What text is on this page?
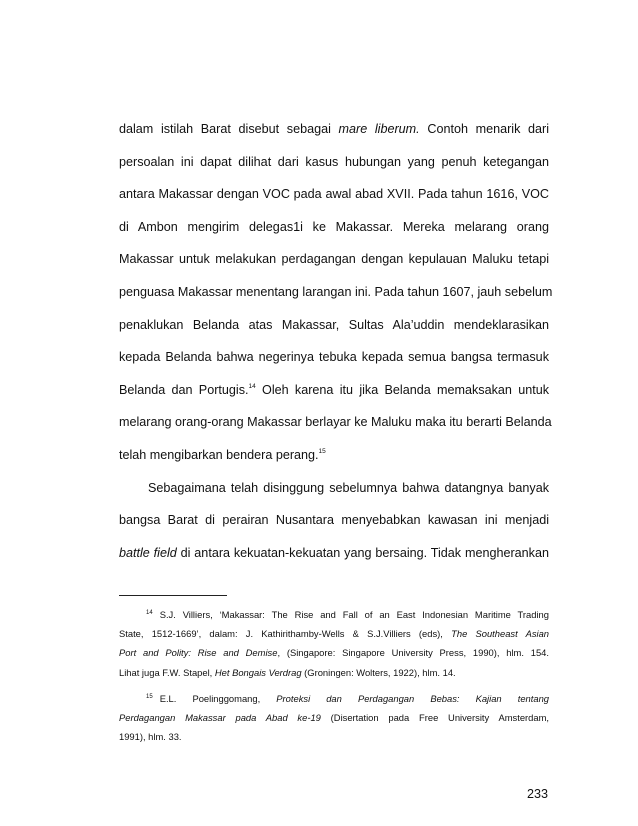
dalam istilah Barat disebut sebagai mare liberum. Contoh menarik dari
persoalan ini dapat dilihat dari kasus hubungan yang penuh ketegangan
antara Makassar dengan VOC pada awal abad XVII. Pada tahun 1616, VOC
di Ambon mengirim delegas1i ke Makassar. Mereka melarang orang
Makassar untuk melakukan perdagangan dengan kepulauan Maluku tetapi
penguasa Makassar menentang larangan ini. Pada tahun 1607, jauh sebelum
penaklukan Belanda atas Makassar, Sultas Ala’uddin mendeklarasikan
kepada Belanda bahwa negerinya tebuka kepada semua bangsa termasuk
Belanda dan Portugis.$^{14}$ Oleh karena itu jika Belanda memaksakan untuk
melarang orang-orang Makassar berlayar ke Maluku maka itu berarti Belanda
telah mengibarkan bendera perang.$^{15}$
Sebagaimana telah disinggung sebelumnya bahwa datangnya banyak
bangsa Barat di perairan Nusantara menyebabkan kawasan ini menjadi
battle field di antara kekuatan-kekuatan yang bersaing. Tidak mengherankan
$^{14}$ S.J. Villiers, ‘Makassar: The Rise and Fall of an East Indonesian Maritime Trading
State, 1512-1669’, dalam: J. Kathirithamby-Wells & S.J.Villiers (eds), The Southeast Asian
Port and Polity: Rise and Demise, (Singapore: Singapore University Press, 1990), hlm. 154.
Lihat juga F.W. Stapel, Het Bongais Verdrag (Groningen: Wolters, 1922), hlm. 14.
$^{15}$ E.L. Poelinggomang, Proteksi dan Perdagangan Bebas: Kajian tentang
Perdagangan Makassar pada Abad ke-19 (Disertation pada Free University Amsterdam,
1991), hlm. 33.
233
